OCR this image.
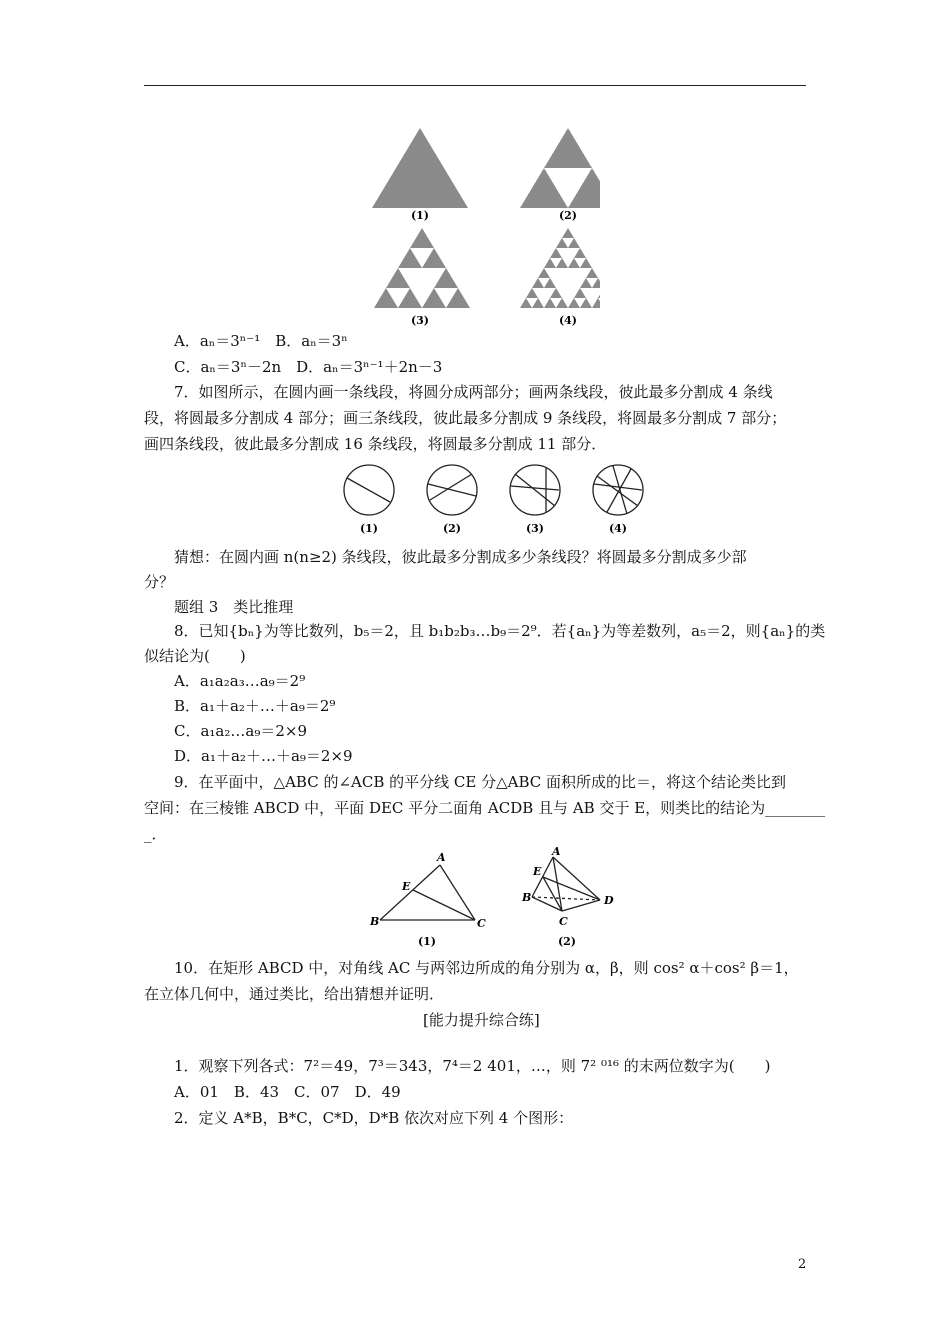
(1)	(2)
(3)	(4)
A．aₙ＝3ⁿ⁻¹　B．aₙ＝3ⁿ
C．aₙ＝3ⁿ－2n　D．aₙ＝3ⁿ⁻¹＋2n－3
7．如图所示，在圆内画一条线段，将圆分成两部分；画两条线段，彼此最多分割成 4 条线
段，将圆最多分割成 4 部分；画三条线段，彼此最多分割成 9 条线段，将圆最多分割成 7 部分；
画四条线段，彼此最多分割成 16 条线段，将圆最多分割成 11 部分．
(1)	(2)	(3)	(4)
猜想：在圆内画 n(n≥2) 条线段，彼此最多分割成多少条线段？将圆最多分割成多少部
分？
题组 3　类比推理
8．已知{bₙ}为等比数列，b₅＝2，且 b₁b₂b₃…b₉＝2⁹．若{aₙ}为等差数列，a₅＝2，则{aₙ}的类
似结论为(　　)
A．a₁a₂a₃…a₉＝2⁹
B．a₁＋a₂＋…＋a₉＝2⁹
C．a₁a₂…a₉＝2×9
D．a₁＋a₂＋…＋a₉＝2×9
9．在平面中，△ABC 的∠ACB 的平分线 CE 分△ABC 面积所成的比＝，将这个结论类比到
空间：在三棱锥 ABCD 中，平面 DEC 平分二面角 ACDB 且与 AB 交于 E，则类比的结论为________
_．
A
E
B	C
A
E
B
C
D
(1)	(2)
10．在矩形 ABCD 中，对角线 AC 与两邻边所成的角分别为 α，β，则 cos² α＋cos² β＝1，
在立体几何中，通过类比，给出猜想并证明．
[能力提升综合练]
1．观察下列各式：7²＝49，7³＝343，7⁴＝2 401，…，则 7² ⁰¹⁶ 的末两位数字为(　　)
A．01　B．43　C．07　D．49
2．定义 A*B，B*C，C*D，D*B 依次对应下列 4 个图形：
2
